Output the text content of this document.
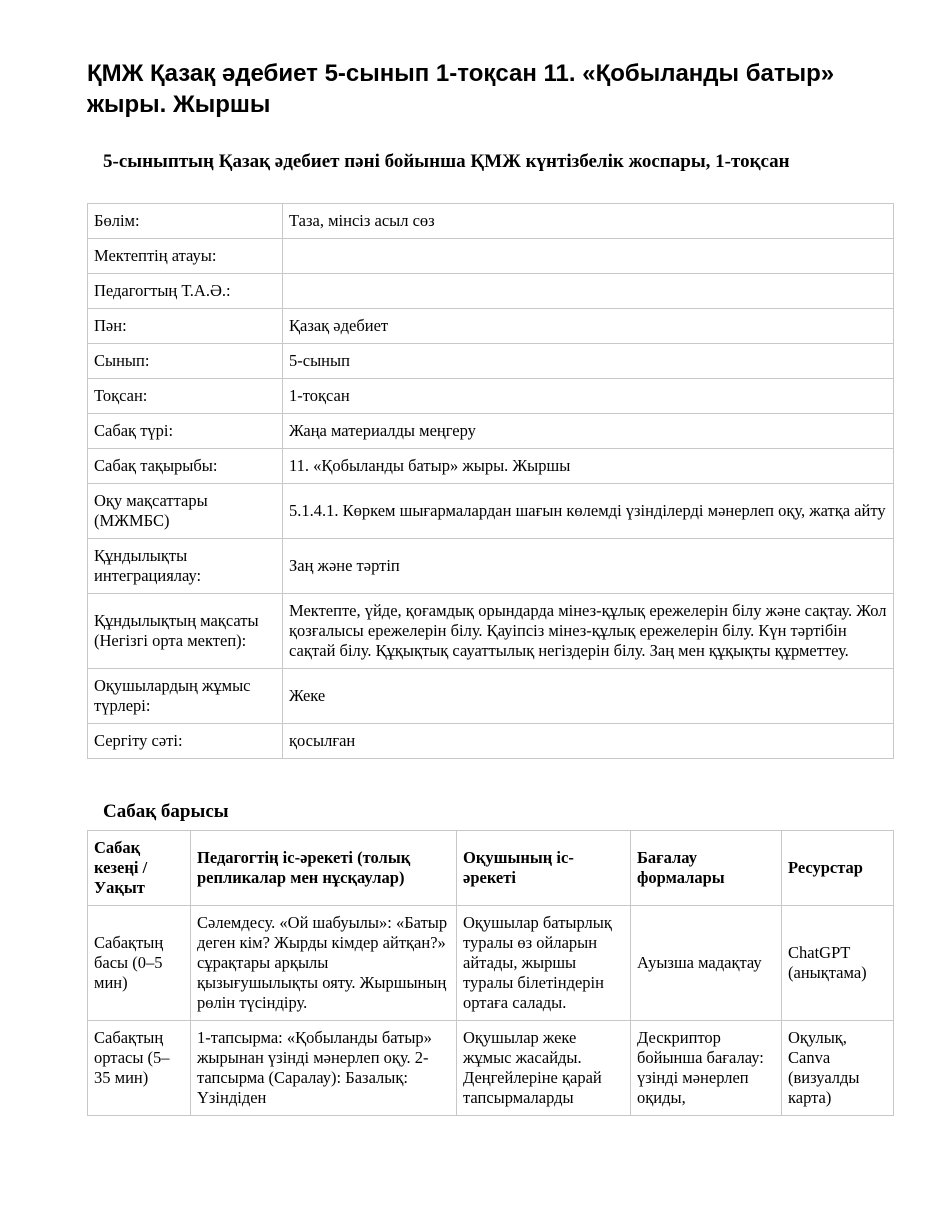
ҚМЖ Қазақ әдебиет 5-сынып 1-тоқсан 11. «Қобыланды батыр» жыры. Жыршы
5-сыныптың Қазақ әдебиет пәні бойынша ҚМЖ күнтізбелік жоспары, 1-тоқсан
Бөлім:	Таза, мінсіз асыл сөз
Мектептің атауы:	
Педагогтың Т.А.Ә.:	
Пән:	Қазақ әдебиет
Сынып:	5-сынып
Тоқсан:	1-тоқсан
Сабақ түрі:	Жаңа материалды меңгеру
Сабақ тақырыбы:	11. «Қобыланды батыр» жыры. Жыршы
Оқу мақсаттары (МЖМБС)	5.1.4.1. Көркем шығармалардан шағын көлемді үзінділерді мәнерлеп оқу, жатқа айту
Құндылықты интеграциялау:	Заң және тәртіп
Құндылықтың мақсаты (Негізгі орта мектеп):	Мектепте, үйде, қоғамдық орындарда мінез-құлық ережелерін білу және сақтау. Жол қозғалысы ережелерін білу. Қауіпсіз мінез-құлық ережелерін білу. Күн тәртібін сақтай білу. Құқықтық сауаттылық негіздерін білу. Заң мен құқықты құрметтеу.
Оқушылардың жұмыс түрлері:	Жеке
Сергіту сәті:	қосылған
Сабақ барысы
Сабақ кезеңі / Уақыт	Педагогтің іс-әрекеті (толық репликалар мен нұсқаулар)	Оқушының іс-әрекеті	Бағалау формалары	Ресурстар
Сабақтың басы (0–5 мин)	Сәлемдесу. «Ой шабуылы»: «Батыр деген кім? Жырды кімдер айтқан?» сұрақтары арқылы қызығушылықты ояту. Жыршының рөлін түсіндіру.	Оқушылар батырлық туралы өз ойларын айтады, жыршы туралы білетіндерін ортаға салады.	Ауызша мадақтау	ChatGPT (анықтама)
Сабақтың ортасы (5–35 мин)	1-тапсырма: «Қобыланды батыр» жырынан үзінді мәнерлеп оқу. 2-тапсырма (Саралау): Базалық: Үзіндіден	Оқушылар жеке жұмыс жасайды. Деңгейлеріне қарай тапсырмаларды	Дескриптор бойынша бағалау: үзінді мәнерлеп оқиды,	Оқулық, Canva (визуалды карта)
